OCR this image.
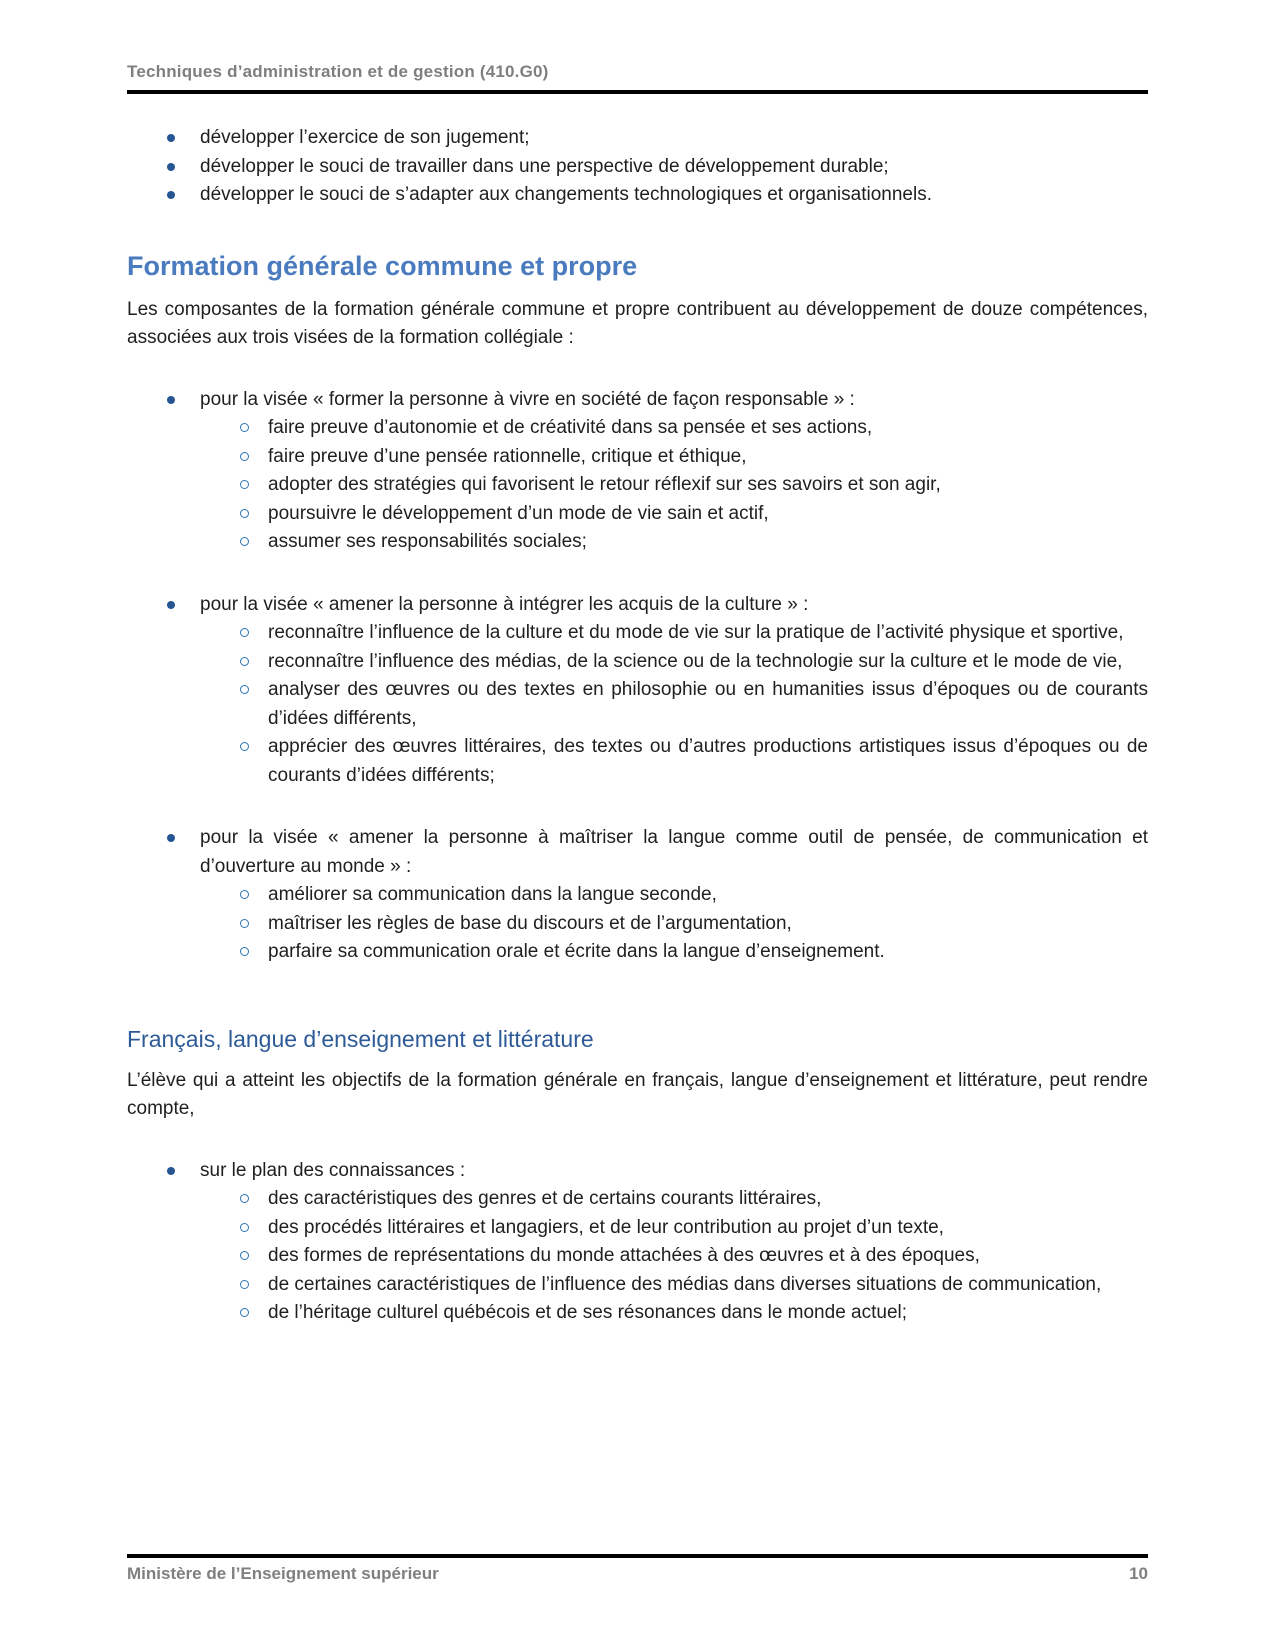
Techniques d’administration et de gestion (410.G0)
développer l’exercice de son jugement;
développer le souci de travailler dans une perspective de développement durable;
développer le souci de s’adapter aux changements technologiques et organisationnels.
Formation générale commune et propre

Les composantes de la formation générale commune et propre contribuent au développement de douze compétences, associées aux trois visées de la formation collégiale :

pour la visée « former la personne à vivre en société de façon responsable » :
faire preuve d’autonomie et de créativité dans sa pensée et ses actions,
faire preuve d’une pensée rationnelle, critique et éthique,
adopter des stratégies qui favorisent le retour réflexif sur ses savoirs et son agir,
poursuivre le développement d’un mode de vie sain et actif,
assumer ses responsabilités sociales;
pour la visée « amener la personne à intégrer les acquis de la culture » :
reconnaître l’influence de la culture et du mode de vie sur la pratique de l’activité physique et sportive,
reconnaître l’influence des médias, de la science ou de la technologie sur la culture et le mode de vie,
analyser des œuvres ou des textes en philosophie ou en humanities issus d’époques ou de courants d’idées différents,
apprécier des œuvres littéraires, des textes ou d’autres productions artistiques issus d’époques ou de courants d’idées différents;
pour la visée « amener la personne à maîtriser la langue comme outil de pensée, de communication et d’ouverture au monde » :
améliorer sa communication dans la langue seconde,
maîtriser les règles de base du discours et de l’argumentation,
parfaire sa communication orale et écrite dans la langue d’enseignement.
Français, langue d’enseignement et littérature

L’élève qui a atteint les objectifs de la formation générale en français, langue d’enseignement et littérature, peut rendre compte,

sur le plan des connaissances :
des caractéristiques des genres et de certains courants littéraires,
des procédés littéraires et langagiers, et de leur contribution au projet d’un texte,
des formes de représentations du monde attachées à des œuvres et à des époques,
de certaines caractéristiques de l’influence des médias dans diverses situations de communication,
de l’héritage culturel québécois et de ses résonances dans le monde actuel;
Ministère de l’Enseignement supérieur	10
